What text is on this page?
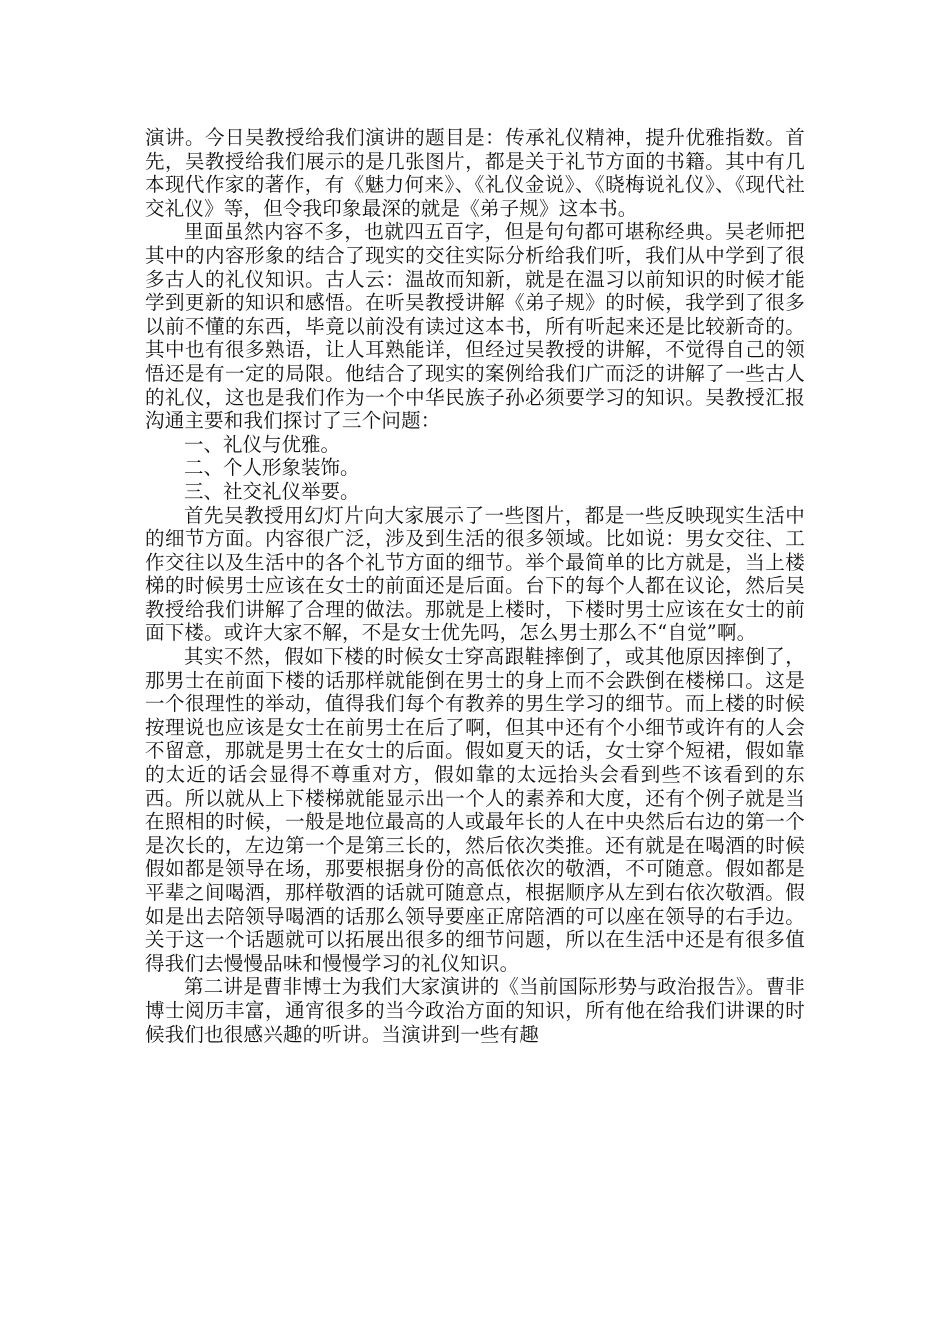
演讲。今日吴教授给我们演讲的题目是：传承礼仪精神，提升优雅指数。首先，吴教授给我们展示的是几张图片，都是关于礼节方面的书籍。其中有几本现代作家的著作，有《魅力何来》、《礼仪金说》、《晓梅说礼仪》、《现代社交礼仪》等，但令我印象最深的就是《弟子规》这本书。

里面虽然内容不多，也就四五百字，但是句句都可堪称经典。吴老师把其中的内容形象的结合了现实的交往实际分析给我们听，我们从中学到了很多古人的礼仪知识。古人云：温故而知新，就是在温习以前知识的时候才能学到更新的知识和感悟。在听吴教授讲解《弟子规》的时候，我学到了很多以前不懂的东西，毕竟以前没有读过这本书，所有听起来还是比较新奇的。其中也有很多熟语，让人耳熟能详，但经过吴教授的讲解，不觉得自己的领悟还是有一定的局限。他结合了现实的案例给我们广而泛的讲解了一些古人的礼仪，这也是我们作为一个中华民族子孙必须要学习的知识。吴教授汇报沟通主要和我们探讨了三个问题：

一、礼仪与优雅。

二、个人形象装饰。

三、社交礼仪举要。

首先吴教授用幻灯片向大家展示了一些图片，都是一些反映现实生活中的细节方面。内容很广泛，涉及到生活的很多领域。比如说：男女交往、工作交往以及生活中的各个礼节方面的细节。举个最简单的比方就是，当上楼梯的时候男士应该在女士的前面还是后面。台下的每个人都在议论，然后吴教授给我们讲解了合理的做法。那就是上楼时，下楼时男士应该在女士的前面下楼。或许大家不解，不是女士优先吗，怎么男士那么不“自觉”啊。

其实不然，假如下楼的时候女士穿高跟鞋摔倒了，或其他原因摔倒了，那男士在前面下楼的话那样就能倒在男士的身上而不会跌倒在楼梯口。这是一个很理性的举动，值得我们每个有教养的男生学习的细节。而上楼的时候按理说也应该是女士在前男士在后了啊，但其中还有个小细节或许有的人会不留意，那就是男士在女士的后面。假如夏天的话，女士穿个短裙，假如靠的太近的话会显得不尊重对方，假如靠的太远抬头会看到些不该看到的东西。所以就从上下楼梯就能显示出一个人的素养和大度，还有个例子就是当在照相的时候，一般是地位最高的人或最年长的人在中央然后右边的第一个是次长的，左边第一个是第三长的，然后依次类推。还有就是在喝酒的时候假如都是领导在场，那要根据身份的高低依次的敬酒，不可随意。假如都是平辈之间喝酒，那样敬酒的话就可随意点，根据顺序从左到右依次敬酒。假如是出去陪领导喝酒的话那么领导要座正席陪酒的可以座在领导的右手边。关于这一个话题就可以拓展出很多的细节问题，所以在生活中还是有很多值得我们去慢慢品味和慢慢学习的礼仪知识。

第二讲是曹非博士为我们大家演讲的《当前国际形势与政治报告》。曹非博士阅历丰富，通宵很多的当今政治方面的知识，所有他在给我们讲课的时候我们也很感兴趣的听讲。当演讲到一些有趣
